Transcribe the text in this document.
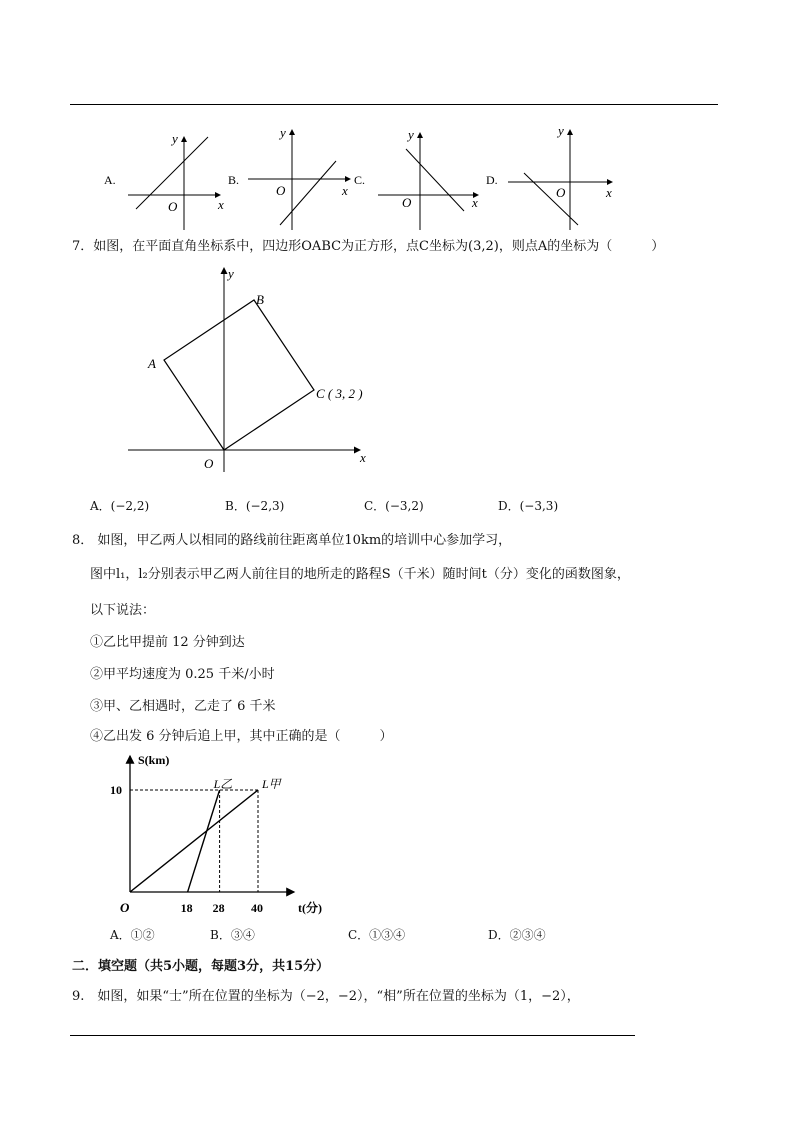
A.
x
y
O
B.
x
y
O
C.
x
y
O
D.
x
y
O
7．如图，在平面直角坐标系中，四边形OABC为正方形，点C坐标为(3,2)，则点A的坐标为（　　　）
A
B
C ( 3, 2 )
O	x
y
A．(−2,2)	B．(−2,3)	C．(−3,2)	D．(−3,3)
8． 如图，甲乙两人以相同的路线前往距离单位10km的培训中心参加学习，
图中l₁，l₂分别表示甲乙两人前往目的地所走的路程S（千米）随时间t（分）变化的函数图象，
以下说法：
①乙比甲提前 12 分钟到达
②甲平均速度为 0.25 千米/小时
③甲、乙相遇时，乙走了 6 千米
④乙出发 6 分钟后追上甲，其中正确的是（　　　）
L乙 L甲
18 28 40
10
S(km)
t(分)
O
A．①②	B．③④	C．①③④	D．②③④
二．填空题（共5小题，每题3分，共15分）
9.　如图，如果“士”所在位置的坐标为（−2，−2），“相”所在位置的坐标为（1，−2），
